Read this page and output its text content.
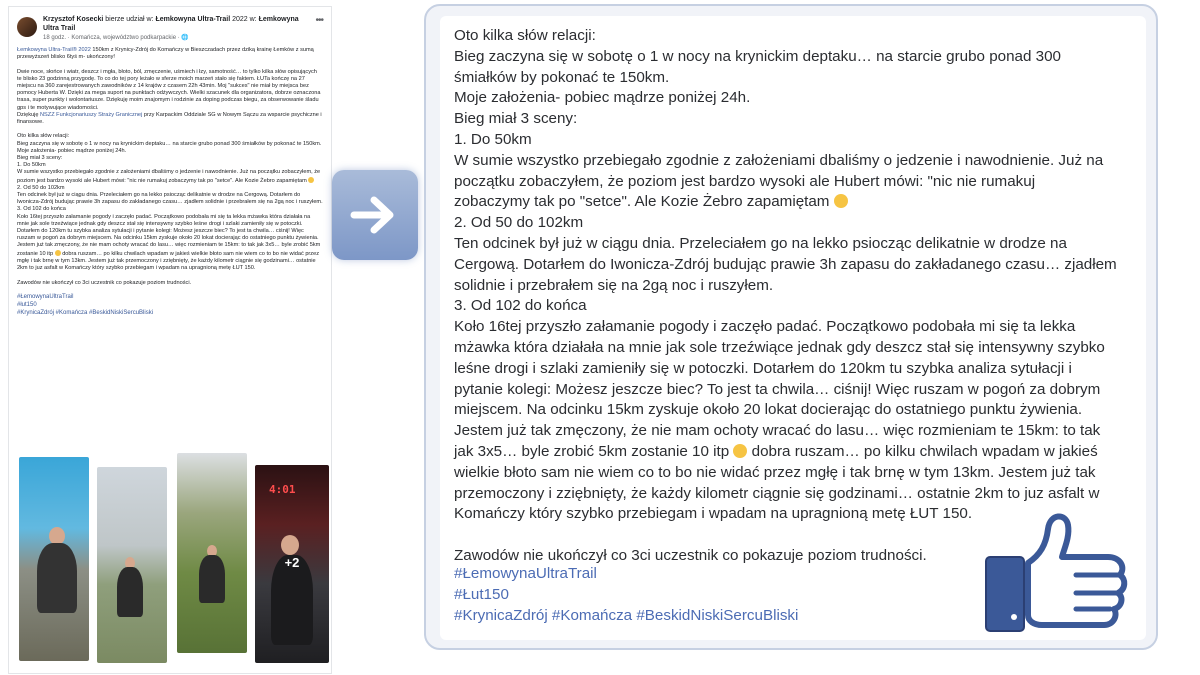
Krzysztof Kosecki bierze udział w: Łemkowyna Ultra-Trail 2022 w: Łemkowyna Ultra Trail
18 godz. · Komańcza, województwo podkarpackie · 🌐
•••
Łemkowyna Ultra-Trail® 2022 150km z Krynicy-Zdrój do Komańczy w Bieszczadach przez dziką krainę Łemków z sumą przewyższeń blisko 6tyś m- ukończony!

Dwie noce, słońce i wiatr, deszcz i mgła, błoto, ból, zmęczenie, uśmiech i łzy, samotność… to tylko kilka słów opisujących te blisko 23 godzinną przygodę. To co do tej pory leżało w sferze moich marzeń stało się faktem. ŁUTa kończę na 27 miejscu na 360 zarejestrowanych zawodników z 14 krajów z czasem 22h 43min. Moj "sukces" nie miał by miejsca bez pomocy Huberta W. Dzięki za mega suport na punktach odżywczych. Wielki szacunek dla organizatora, dobrze oznaczona trasa, super punkty i wolontariusze. Dziękuję moim znajomym i rodzinie za doping podczas biegu, za obserwowanie śladu gps i te motywujące wiadomości.
Dziękuję NSZZ Funkcjonariuszy Straży Granicznej przy Karpackim Oddziale SG w Nowym Sączu za wsparcie psychiczne i finansowe.

Oto kilka słów relacji:
Bieg zaczyna się w sobotę o 1 w nocy na krynickim deptaku… na starcie grubo ponad 300 śmiałków by pokonać te 150km.
Moje założenia- pobiec mądrze poniżej 24h.
Bieg miał 3 sceny:
1. Do 50km
W sumie wszystko przebiegało zgodnie z założeniami dbaliśmy o jedzenie i nawodnienie. Już na początku zobaczyłem, że poziom jest bardzo wysoki ale Hubert mówi: "nic nie rumakuj zobaczymy tak po "setce". Ale Kozie Żebro zapamiętam
2. Od 50 do 102km
Ten odcinek był już w ciągu dnia. Przeleciałem go na lekko psiocząc delikatnie w drodze na Cergową. Dotarłem do Iwonicza-Zdrój budując prawie 3h zapasu do zakładanego czasu… zjadłem solidnie i przebrałem się na 2gą noc i ruszyłem.
3. Od 102 do końca
Koło 16tej przyszło załamanie pogody i zaczęło padać. Początkowo podobała mi się ta lekka mżawka która działała na mnie jak sole trzeźwiące jednak gdy deszcz stał się intensywny szybko leśne drogi i szlaki zamieniły się w potoczki. Dotarłem do 120km tu szybka analiza sytułacji i pytanie kolegi: Możesz jeszcze biec? To jest ta chwila… ciśnij! Więc ruszam w pogoń za dobrym miejscem. Na odcinku 15km zyskuje około 20 lokat docierając do ostatniego punktu żywienia. Jestem już tak zmęczony, że nie mam ochoty wracać do lasu… więc rozmieniam te 15km: to tak jak 3x5… byle zrobić 5km zostanie 10 itp  dobra ruszam… po kilku chwilach wpadam w jakieś wielkie błoto sam nie wiem co to bo nie widać przez mgłę i tak brnę w tym 13km. Jestem już tak przemoczony i zziębnięty, że każdy kilometr ciągnie się godzinami… ostatnie 2km to juz asfalt w Komańczy który szybko przebiegam i wpadam na upragnioną metę ŁUT 150.

Zawodów nie ukończył co 3ci uczestnik co pokazuje poziom trudności.
#ŁemowynaUltraTrail
#łut150
#KrynicaZdrój #Komańcza #BeskidNiskiSercuBliski
4:01
+2
Oto kilka słów relacji:
Bieg zaczyna się w sobotę o 1 w nocy na krynickim deptaku… na starcie grubo ponad 300
śmiałków by pokonać te 150km.
Moje założenia- pobiec mądrze poniżej 24h.
Bieg miał 3 sceny:
1. Do 50km
W sumie wszystko przebiegało zgodnie z założeniami dbaliśmy o jedzenie i nawodnienie. Już na
początku zobaczyłem, że poziom jest bardzo wysoki ale Hubert mówi: "nic nie rumakuj
zobaczymy tak po "setce". Ale Kozie Żebro zapamiętam
2. Od 50 do 102km
Ten odcinek był już w ciągu dnia. Przeleciałem go na lekko psiocząc delikatnie w drodze na
Cergową. Dotarłem do Iwonicza-Zdrój budując prawie 3h zapasu do zakładanego czasu… zjadłem
solidnie i przebrałem się na 2gą noc i ruszyłem.
3. Od 102 do końca
Koło 16tej przyszło załamanie pogody i zaczęło padać. Początkowo podobała mi się ta lekka
mżawka która działała na mnie jak sole trzeźwiące jednak gdy deszcz stał się intensywny szybko
leśne drogi i szlaki zamieniły się w potoczki. Dotarłem do 120km tu szybka analiza sytułacji i
pytanie kolegi: Możesz jeszcze biec? To jest ta chwila… ciśnij! Więc ruszam w pogoń za dobrym
miejscem. Na odcinku 15km zyskuje około 20 lokat docierając do ostatniego punktu żywienia.
Jestem już tak zmęczony, że nie mam ochoty wracać do lasu… więc rozmieniam te 15km: to tak
jak 3x5… byle zrobić 5km zostanie 10 itp  dobra ruszam… po kilku chwilach wpadam w jakieś
wielkie błoto sam nie wiem co to bo nie widać przez mgłę i tak brnę w tym 13km. Jestem już tak
przemoczony i zziębnięty, że każdy kilometr ciągnie się godzinami… ostatnie 2km to juz asfalt w
Komańczy który szybko przebiegam i wpadam na upragnioną metę ŁUT 150.

Zawodów nie ukończył co 3ci uczestnik co pokazuje poziom trudności.
#ŁemowynaUltraTrail
#Łut150
#KrynicaZdrój #Komańcza #BeskidNiskiSercuBliski
